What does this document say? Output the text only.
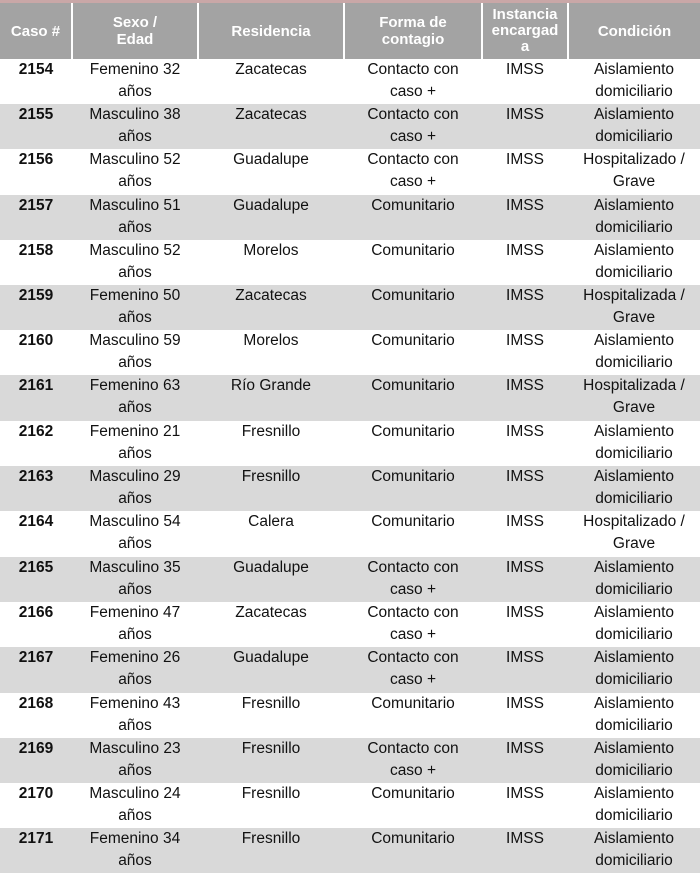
Caso #	Sexo /
Edad	Residencia	Forma de
contagio	Instancia
encargad
a	Condición

2154	Femenino 32
años	Zacatecas	Contacto con
caso +	IMSS	Aislamiento
domiciliario

2155	Masculino 38
años	Zacatecas	Contacto con
caso +	IMSS	Aislamiento
domiciliario

2156	Masculino 52
años	Guadalupe	Contacto con
caso +	IMSS	Hospitalizado /
Grave

2157	Masculino 51
años	Guadalupe	Comunitario	IMSS	Aislamiento
domiciliario

2158	Masculino 52
años	Morelos	Comunitario	IMSS	Aislamiento
domiciliario

2159	Femenino 50
años	Zacatecas	Comunitario	IMSS	Hospitalizada /
Grave

2160	Masculino 59
años	Morelos	Comunitario	IMSS	Aislamiento
domiciliario

2161	Femenino 63
años	Río Grande	Comunitario	IMSS	Hospitalizada /
Grave

2162	Femenino 21
años	Fresnillo	Comunitario	IMSS	Aislamiento
domiciliario

2163	Masculino 29
años	Fresnillo	Comunitario	IMSS	Aislamiento
domiciliario

2164	Masculino 54
años	Calera	Comunitario	IMSS	Hospitalizado /
Grave

2165	Masculino 35
años	Guadalupe	Contacto con
caso +	IMSS	Aislamiento
domiciliario

2166	Femenino 47
años	Zacatecas	Contacto con
caso +	IMSS	Aislamiento
domiciliario

2167	Femenino 26
años	Guadalupe	Contacto con
caso +	IMSS	Aislamiento
domiciliario

2168	Femenino 43
años	Fresnillo	Comunitario	IMSS	Aislamiento
domiciliario

2169	Masculino 23
años	Fresnillo	Contacto con
caso +	IMSS	Aislamiento
domiciliario

2170	Masculino 24
años	Fresnillo	Comunitario	IMSS	Aislamiento
domiciliario

2171	Femenino 34
años	Fresnillo	Comunitario	IMSS	Aislamiento
domiciliario
